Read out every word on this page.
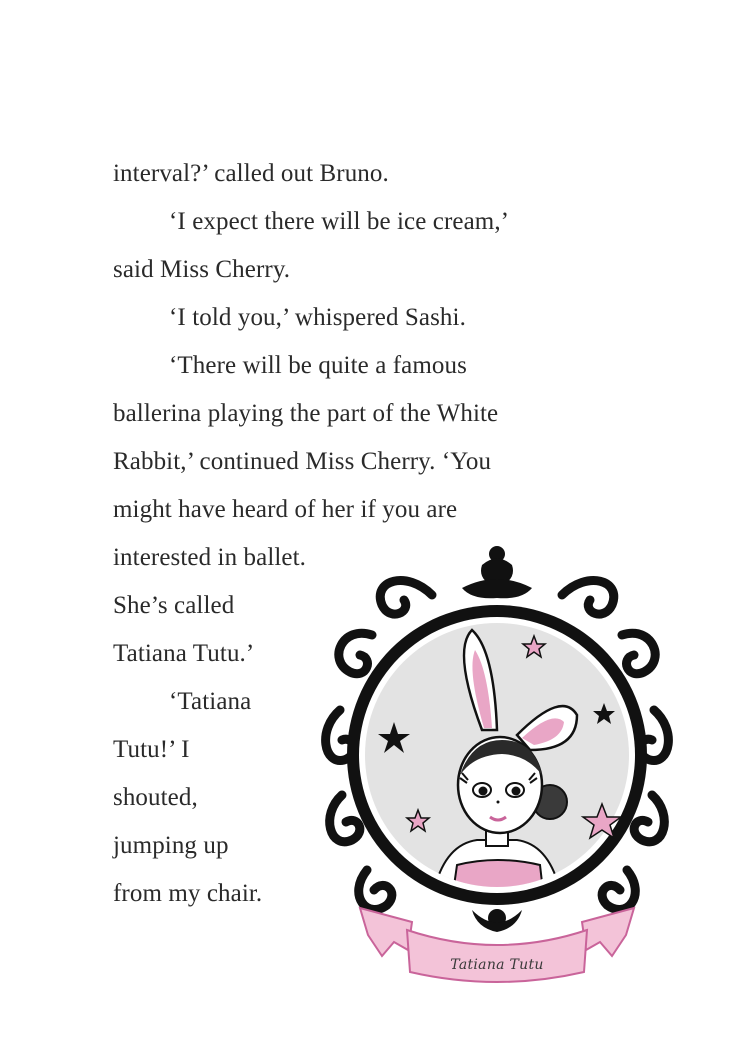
interval?’ called out Bruno.
‘I expect there will be ice cream,’
said Miss Cherry.
‘I told you,’ whispered Sashi.
‘There will be quite a famous
ballerina playing the part of the White
Rabbit,’ continued Miss Cherry. ‘You
might have heard of her if you are
interested in ballet.
She’s called
Tatiana Tutu.’
‘Tatiana
Tutu!’ I
shouted,
jumping up
from my chair.
Tatiana Tutu
